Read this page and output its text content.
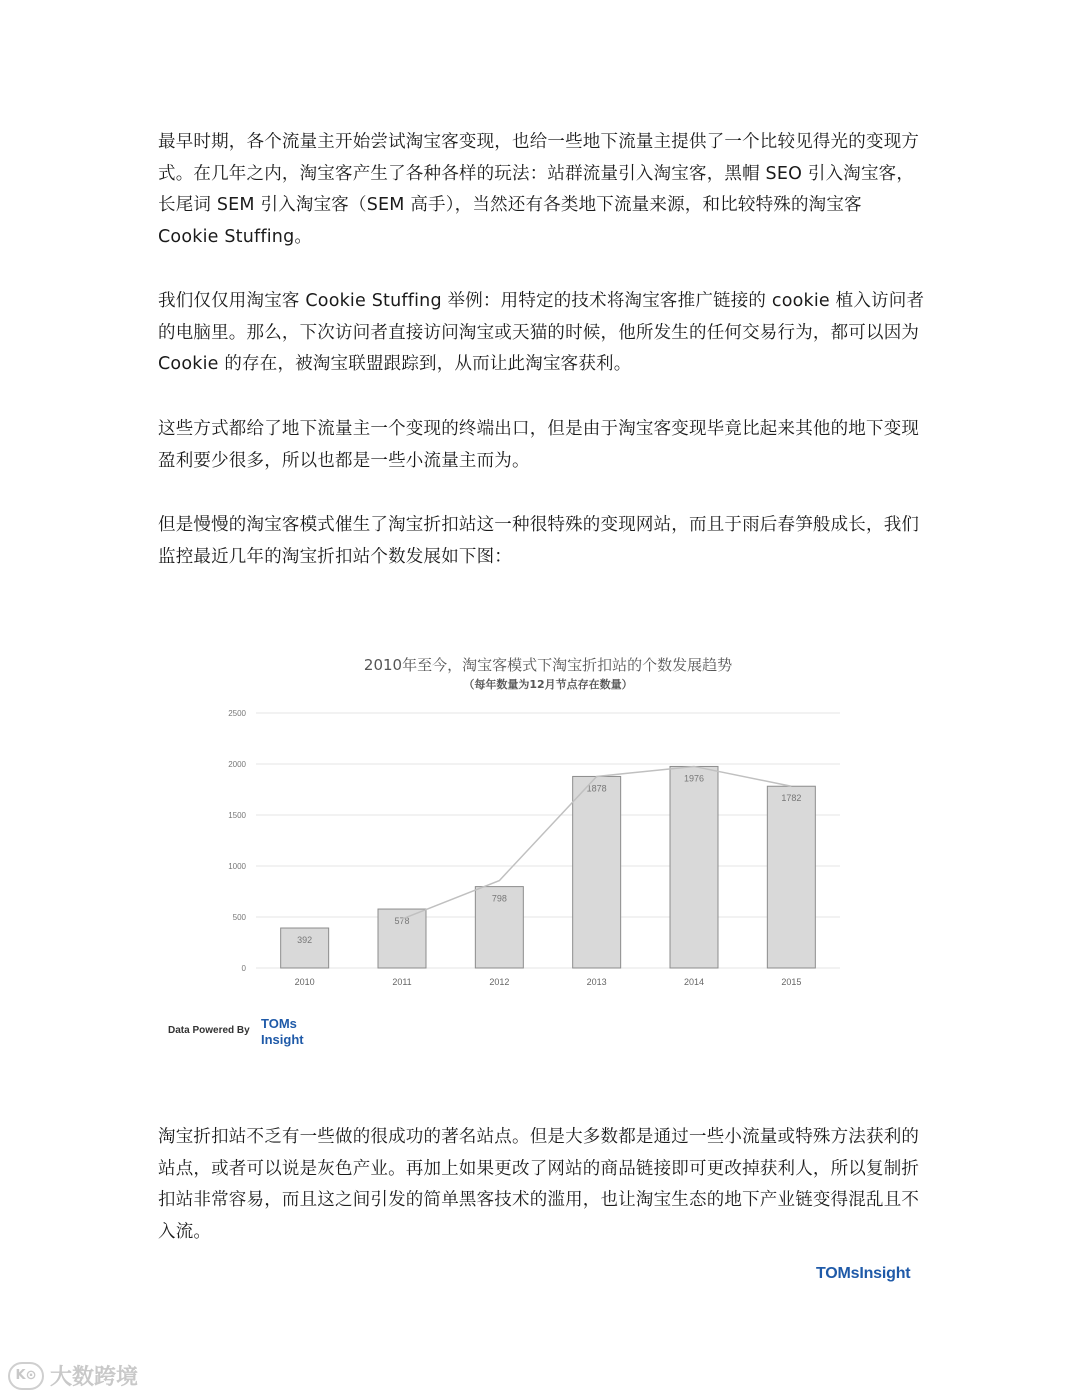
最早时期，各个流量主开始尝试淘宝客变现，也给一些地下流量主提供了一个比较见得光的变现方式。在几年之内，淘宝客产生了各种各样的玩法：站群流量引入淘宝客，黑帽 SEO 引入淘宝客，长尾词 SEM 引入淘宝客（SEM 高手），当然还有各类地下流量来源，和比较特殊的淘宝客 Cookie Stuffing。

我们仅仅用淘宝客 Cookie Stuffing 举例：用特定的技术将淘宝客推广链接的 cookie 植入访问者的电脑里。那么，下次访问者直接访问淘宝或天猫的时候，他所发生的任何交易行为，都可以因为 Cookie 的存在，被淘宝联盟跟踪到，从而让此淘宝客获利。

这些方式都给了地下流量主一个变现的终端出口，但是由于淘宝客变现毕竟比起来其他的地下变现盈利要少很多，所以也都是一些小流量主而为。

但是慢慢的淘宝客模式催生了淘宝折扣站这一种很特殊的变现网站，而且于雨后春笋般成长，我们监控最近几年的淘宝折扣站个数发展如下图：

2010年至今，淘宝客模式下淘宝折扣站的个数发展趋势
（每年数量为12月节点存在数量）
0
500
1000
1500
2000
2500
392
2010
578
2011
798
2012
1878
2013
1976
2014
1782
2015
Data Powered By TOMs
Insight

淘宝折扣站不乏有一些做的很成功的著名站点。但是大多数都是通过一些小流量或特殊方法获利的站点，或者可以说是灰色产业。再加上如果更改了网站的商品链接即可更改掉获利人，所以复制折扣站非常容易，而且这之间引发的简单黑客技术的滥用，也让淘宝生态的地下产业链变得混乱且不入流。

TOMsInsight
K⊙ 大数跨境
